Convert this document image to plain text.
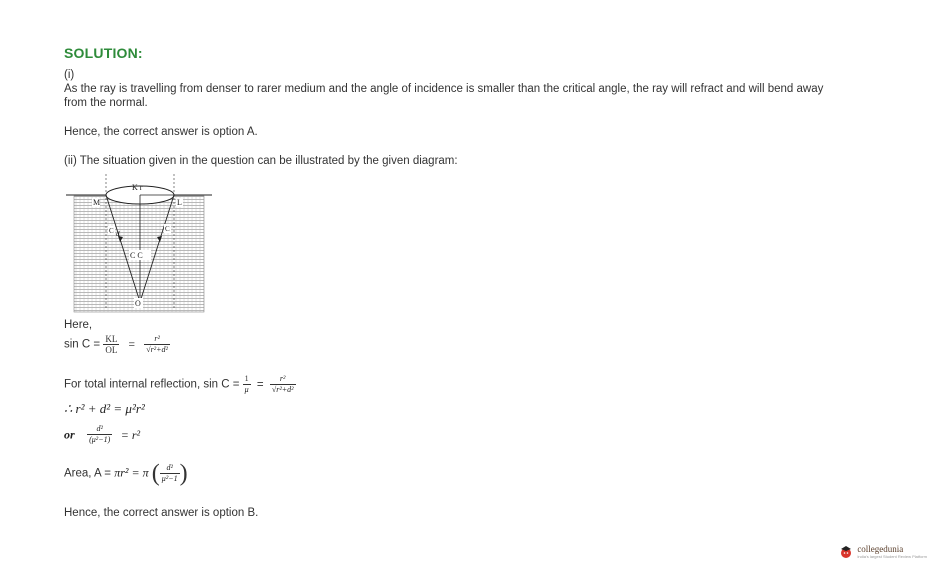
SOLUTION:
(i)
As the ray is travelling from denser to rarer medium and the angle of incidence is smaller than the critical angle, the ray will refract and will bend away
from the normal.
Hence, the correct answer is option A.
(ii) The situation given in the question can be illustrated by the given diagram:
K r
M	L
C d
C
C C
O
Here,
$\sin C = \frac{KL}{OL} = \frac{\text{r²}}{\text{√r²+d²}}$
For total internal reflection, $\sin C = \frac{1}{\mu} = \frac{\text{r²}}{\text{√r²+d²}}$
∴ r² + d² = μ²r²
or $\frac{\text{d²}}{\text{(μ²−1)}} = r^2$
Area, A = πr² = π ( $\frac{\text{d²}}{\text{μ²−1}}$ )
Hence, the correct answer is option B.
collegedunia
India's largest Student Review Platform
